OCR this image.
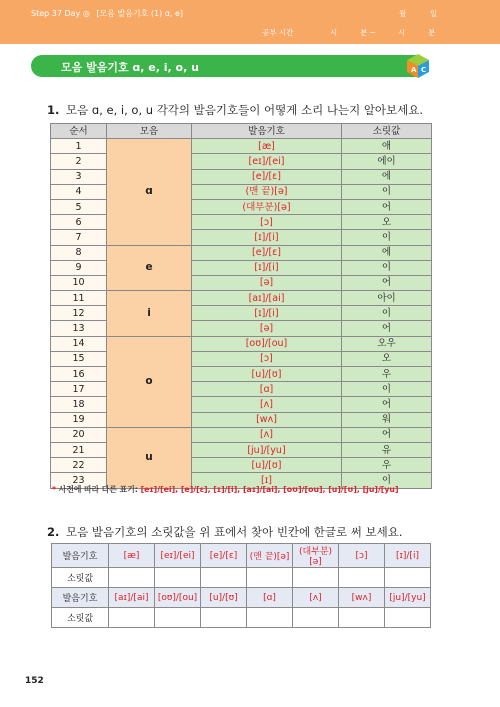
Step 37 Day ◎ [모음 발음기호 (1) ɑ, e]	월	일
공부 시간	시	분 ~	시	분
모음 발음기호 ɑ, e, i, o, u	A C
1. 모음 ɑ, e, i, o, u 각각의 발음기호들이 어떻게 소리 나는지 알아보세요.
순서	모음	발음기호	소릿값
1	ɑ	[æ]	애
2		[eɪ]/[ei]	에이
3		[e]/[ɛ]	에
4		(맨 끝)[ə]	이
5		(대부분)[ə]	어
6		[ɔ]	오
7		[ɪ]/[i]	이
8	e	[e]/[ɛ]	에
9		[ɪ]/[i]	이
10		[ə]	어
11	i	[aɪ]/[ai]	아이
12		[ɪ]/[i]	이
13		[ə]	어
14	o	[oʊ]/[ou]	오우
15		[ɔ]	오
16		[u]/[ʊ]	우
17		[ɑ]	이
18		[ʌ]	어
19		[wʌ]	워
20	u	[ʌ]	어
21		[ju]/[yu]	유
22		[u]/[ʊ]	우
23		[ɪ]	이
* 사전에 따라 다른 표기: [eɪ]/[ei], [e]/[ɛ], [ɪ]/[i], [aɪ]/[ai], [oʊ]/[ou], [u]/[ʊ], [ju]/[yu]
2. 모음 발음기호의 소릿값을 위 표에서 찾아 빈칸에 한글로 써 보세요.
발음기호	[æ]	[eɪ]/[ei]	[e]/[ɛ]	(맨 끝)[ə]	(대부분)[ə]	[ɔ]	[ɪ]/[i]
소릿값							
발음기호	[aɪ]/[ai]	[oʊ]/[ou]	[u]/[ʊ]	[ɑ]	[ʌ]	[wʌ]	[ju]/[yu]
소릿값							
152
